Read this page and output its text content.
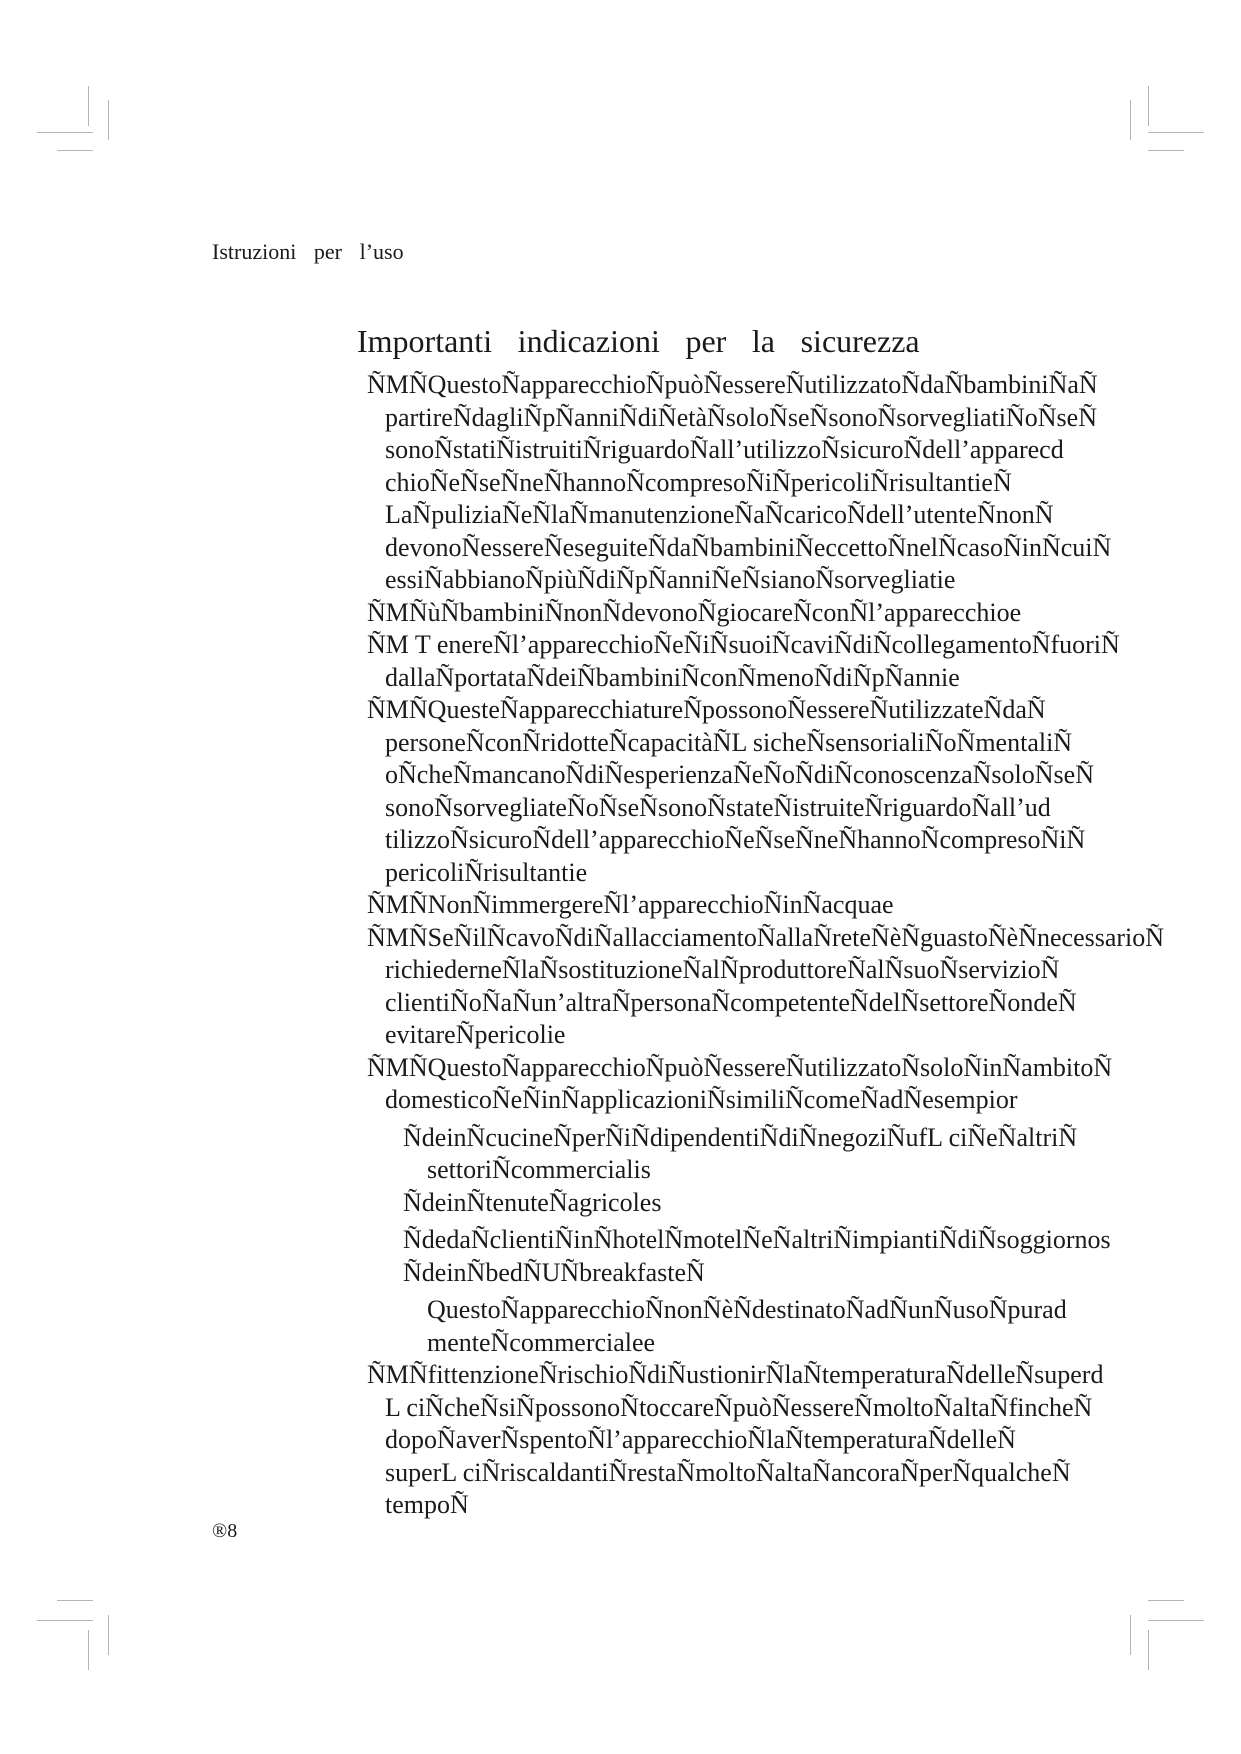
Istruzioniperl’uso
Importantiindicazioniperlasicurezza
ÑMÑQuestoÑapparecchioÑpuòÑessereÑutilizzatoÑdaÑbambiniÑaÑ
partireÑdagliÑpÑanniÑdiÑetàÑsoloÑseÑsonoÑsorvegliatiÑoÑseÑ
sonoÑstatiÑistruitiÑriguardoÑall’utilizzoÑsicuroÑdell’apparecd
chioÑeÑseÑneÑhannoÑcompresoÑiÑpericoliÑrisultantieÑ
LaÑpuliziaÑeÑlaÑmanutenzioneÑaÑcaricoÑdell’utenteÑnonÑ
devonoÑessereÑeseguiteÑdaÑbambiniÑeccettoÑnelÑcasoÑinÑcuiÑ
essiÑabbianoÑpiùÑdiÑpÑanniÑeÑsianoÑsorvegliatie
ÑMÑùÑbambiniÑnonÑdevonoÑgiocareÑconÑl’apparecchioe
ÑM T enereÑl’apparecchioÑeÑiÑsuoiÑcaviÑdiÑcollegamentoÑfuoriÑ
dallaÑportataÑdeiÑbambiniÑconÑmenoÑdiÑpÑannie
ÑMÑQuesteÑapparecchiatureÑpossonoÑessereÑutilizzateÑdaÑ
personeÑconÑridotteÑcapacitàÑL sicheÑsensorialiÑoÑmentaliÑ
oÑcheÑmancanoÑdiÑesperienzaÑeÑoÑdiÑconoscenzaÑsoloÑseÑ
sonoÑsorvegliateÑoÑseÑsonoÑstateÑistruiteÑriguardoÑall’ud
tilizzoÑsicuroÑdell’apparecchioÑeÑseÑneÑhannoÑcompresoÑiÑ
pericoliÑrisultantie
ÑMÑNonÑimmergereÑl’apparecchioÑinÑacquae
ÑMÑSeÑilÑcavoÑdiÑallacciamentoÑallaÑreteÑèÑguastoÑèÑnecessarioÑ
richiederneÑlaÑsostituzioneÑalÑproduttoreÑalÑsuoÑservizioÑ
clientiÑoÑaÑun’altraÑpersonaÑcompetenteÑdelÑsettoreÑondeÑ
evitareÑpericolie
ÑMÑQuestoÑapparecchioÑpuòÑessereÑutilizzatoÑsoloÑinÑambitoÑ
domesticoÑeÑinÑapplicazioniÑsimiliÑcomeÑadÑesempior
ÑdeinÑcucineÑperÑiÑdipendentiÑdiÑnegoziÑufL ciÑeÑaltriÑ
settoriÑcommercialis
ÑdeinÑtenuteÑagricoles
ÑdedaÑclientiÑinÑhotelÑmotelÑeÑaltriÑimpiantiÑdiÑsoggiornos
ÑdeinÑbedÑUÑbreakfasteÑ
QuestoÑapparecchioÑnonÑèÑdestinatoÑadÑunÑusoÑpurad
menteÑcommercialee
ÑMÑfittenzioneÑrischioÑdiÑustionirÑlaÑtemperaturaÑdelleÑsuperd
L ciÑcheÑsiÑpossonoÑtoccareÑpuòÑessereÑmoltoÑaltaÑfincheÑ
dopoÑaverÑspentoÑl’apparecchioÑlaÑtemperaturaÑdelleÑ
superL ciÑriscaldantiÑrestaÑmoltoÑaltaÑancoraÑperÑqualcheÑ
tempoÑ
®8
